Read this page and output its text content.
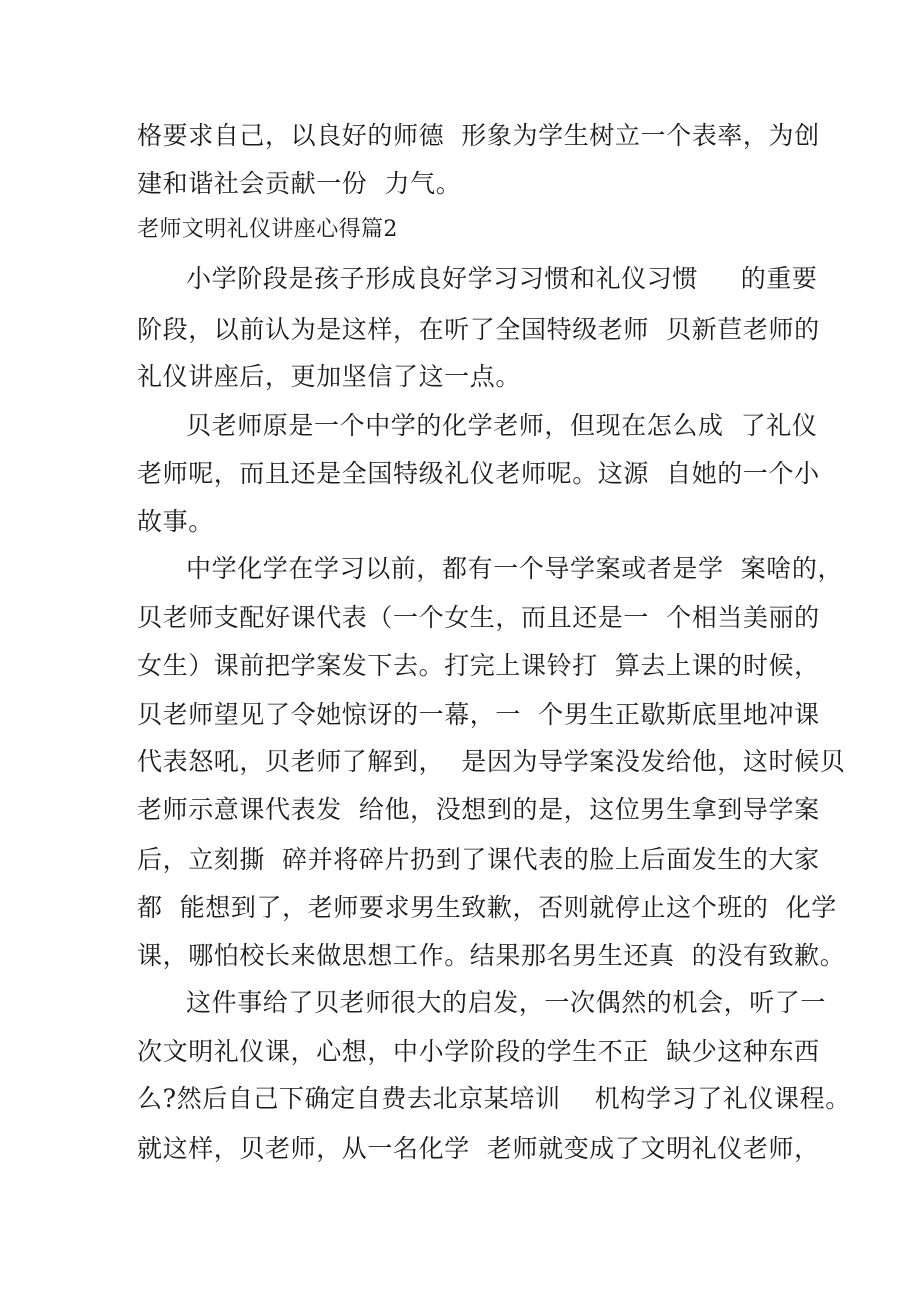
格要求自己，以良好的师德  形象为学生树立一个表率，为创
建和谐社会贡献一份  力气。
老师文明礼仪讲座心得篇2
小学阶段是孩子形成良好学习习惯和礼仪习惯     的重要
阶段，以前认为是这样，在听了全国特级老师  贝新苣老师的
礼仪讲座后，更加坚信了这一点。
贝老师原是一个中学的化学老师，但现在怎么成  了礼仪
老师呢，而且还是全国特级礼仪老师呢。这源  自她的一个小
故事。
中学化学在学习以前，都有一个导学案或者是学  案啥的，
贝老师支配好课代表（一个女生，而且还是一  个相当美丽的
女生）课前把学案发下去。打完上课铃打  算去上课的时候，
贝老师望见了令她惊讶的一幕，一  个男生正歇斯底里地冲课
代表怒吼，贝老师了解到，  是因为导学案没发给他，这时候贝
老师示意课代表发  给他，没想到的是，这位男生拿到导学案
后，立刻撕  碎并将碎片扔到了课代表的脸上后面发生的大家
都  能想到了，老师要求男生致歉，否则就停止这个班的  化学
课，哪怕校长来做思想工作。结果那名男生还真  的没有致歉。
这件事给了贝老师很大的启发，一次偶然的机会，听了一
次文明礼仪课，心想，中小学阶段的学生不正  缺少这种东西
么?然后自己下确定自费去北京某培训    机构学习了礼仪课程。
就这样，贝老师，从一名化学  老师就变成了文明礼仪老师，
